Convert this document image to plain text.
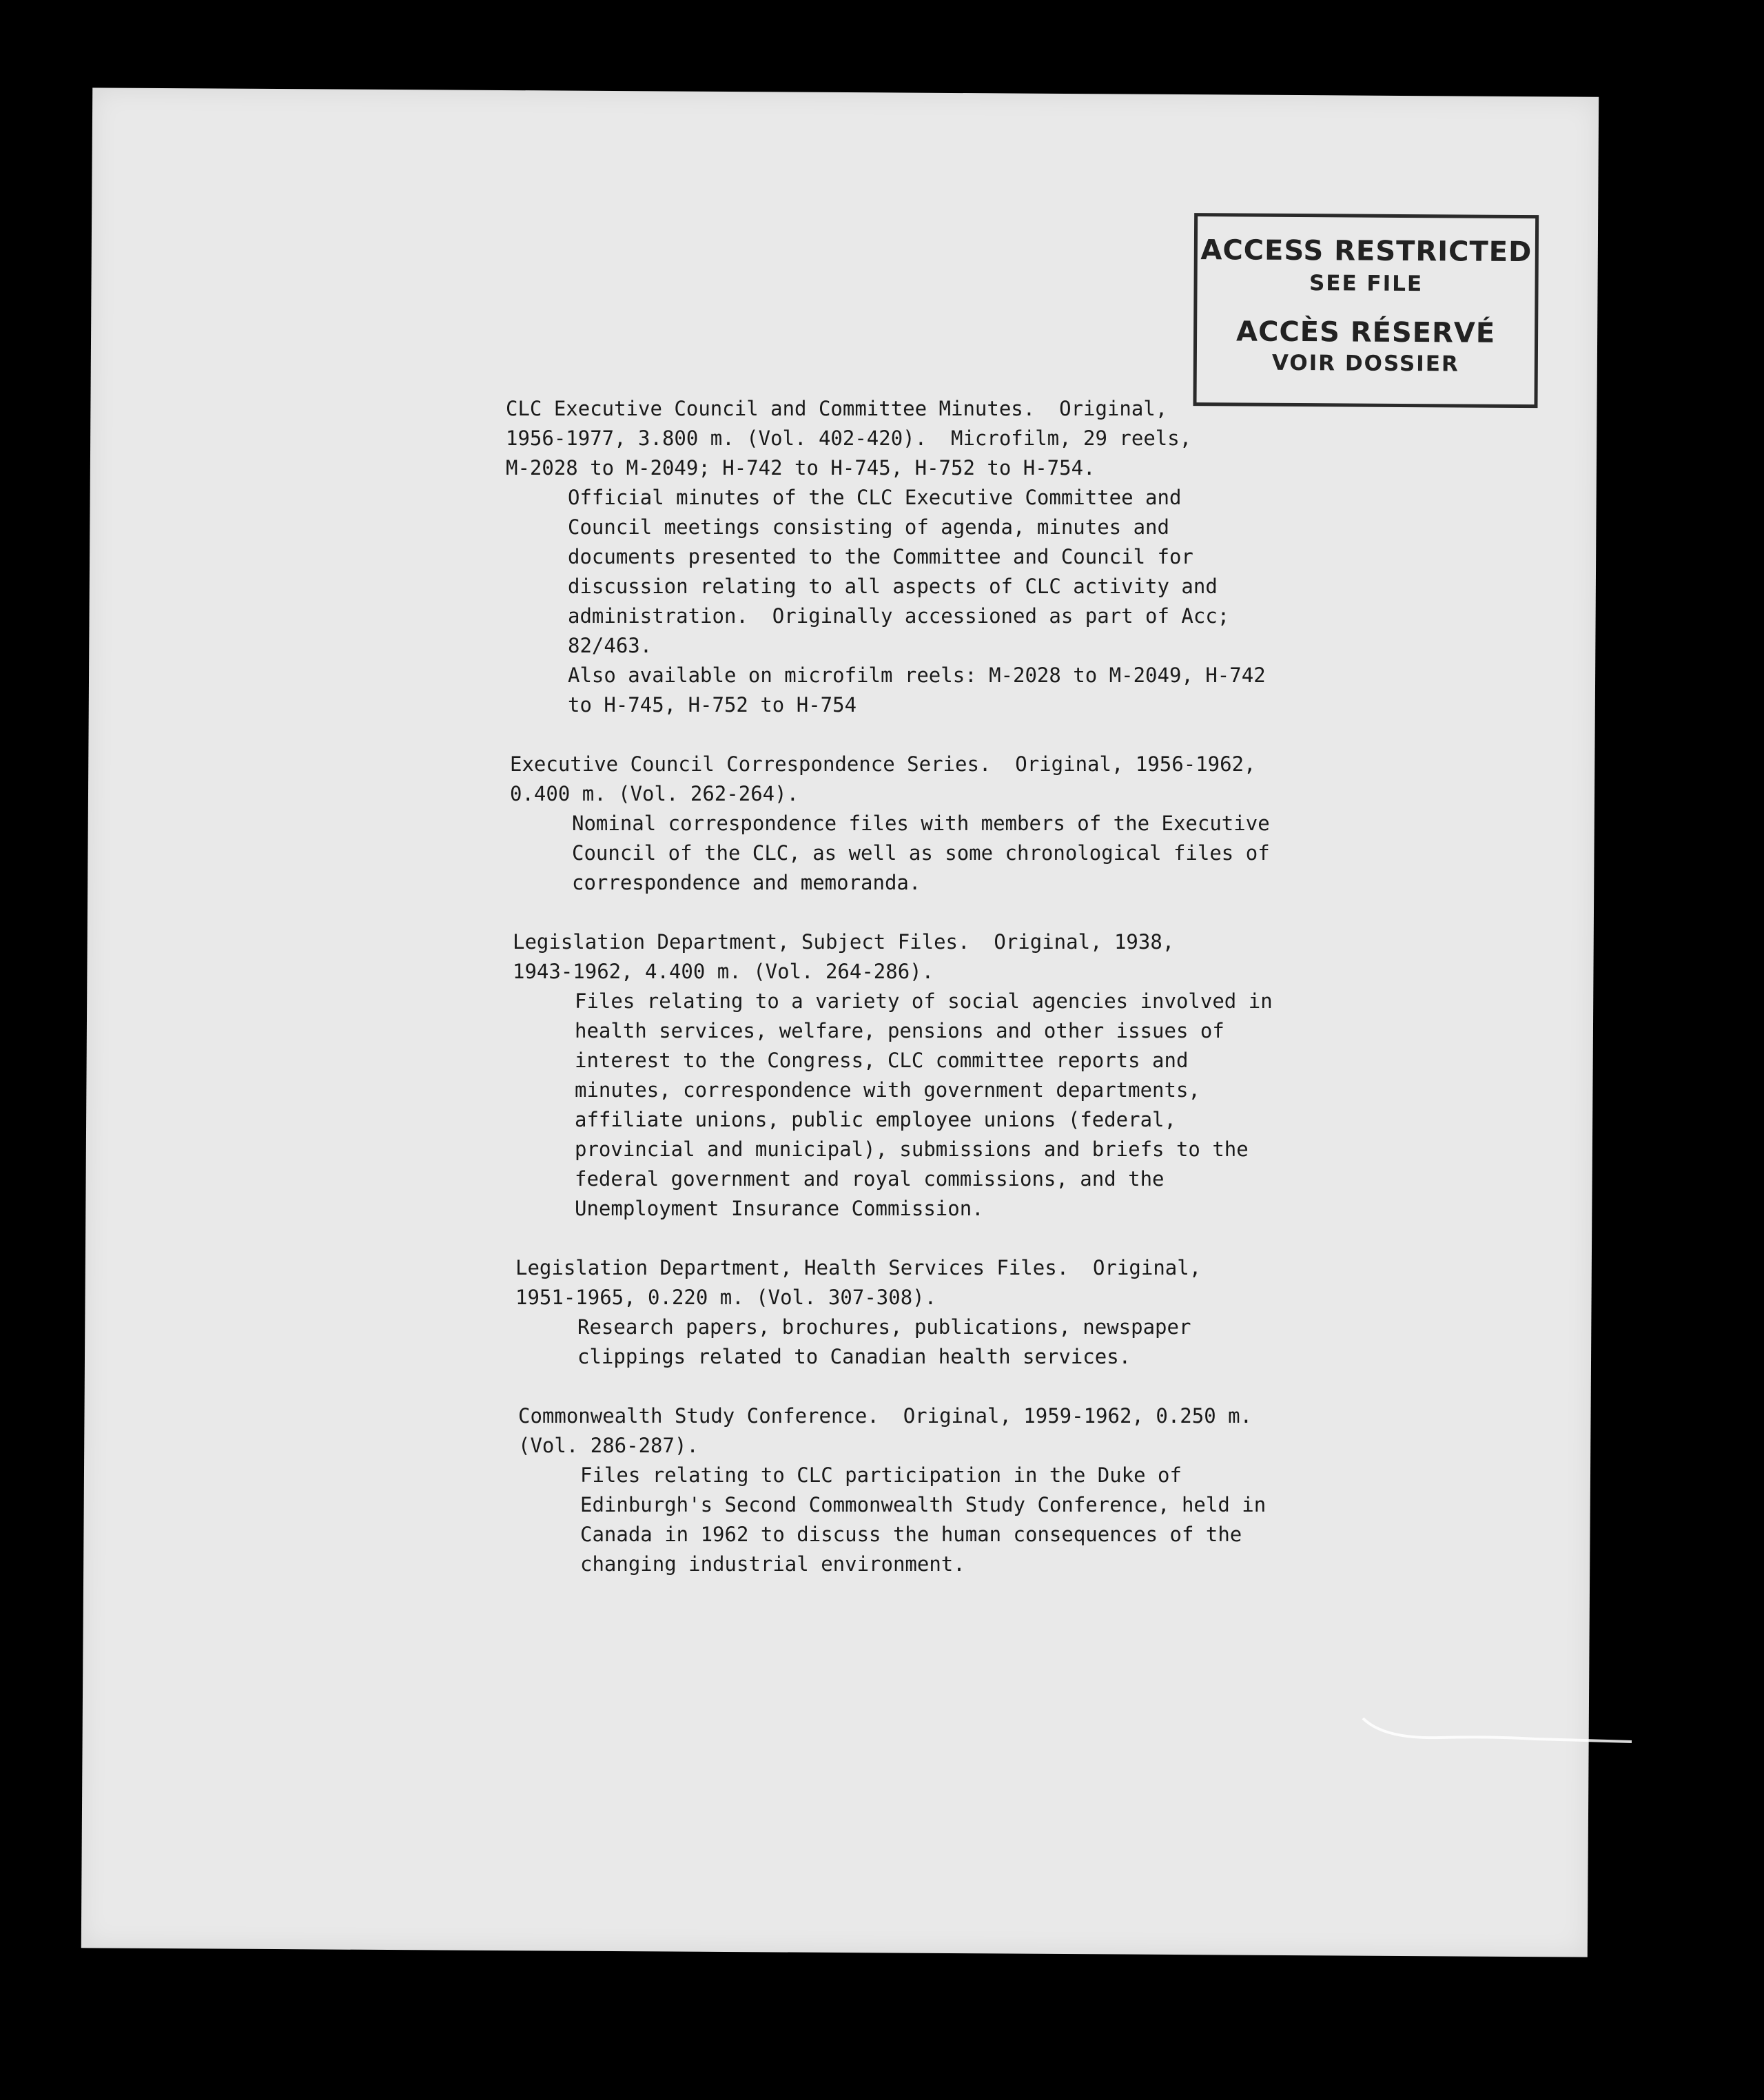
ACCESS RESTRICTED
SEE FILE
ACCÈS RÉSERVÉ
VOIR DOSSIER

CLC Executive Council and Committee Minutes.  Original,

1956-1977, 3.800 m. (Vol. 402-420).  Microfilm, 29 reels,

M-2028 to M-2049; H-742 to H-745, H-752 to H-754.

Official minutes of the CLC Executive Committee and

Council meetings consisting of agenda, minutes and

documents presented to the Committee and Council for

discussion relating to all aspects of CLC activity and

administration.  Originally accessioned as part of Acc;

82/463.

Also available on microfilm reels: M-2028 to M-2049, H-742

to H-745, H-752 to H-754

Executive Council Correspondence Series.  Original, 1956-1962,

0.400 m. (Vol. 262-264).

Nominal correspondence files with members of the Executive

Council of the CLC, as well as some chronological files of

correspondence and memoranda.

Legislation Department, Subject Files.  Original, 1938,

1943-1962, 4.400 m. (Vol. 264-286).

Files relating to a variety of social agencies involved in

health services, welfare, pensions and other issues of

interest to the Congress, CLC committee reports and

minutes, correspondence with government departments,

affiliate unions, public employee unions (federal,

provincial and municipal), submissions and briefs to the

federal government and royal commissions, and the

Unemployment Insurance Commission.

Legislation Department, Health Services Files.  Original,

1951-1965, 0.220 m. (Vol. 307-308).

Research papers, brochures, publications, newspaper

clippings related to Canadian health services.

Commonwealth Study Conference.  Original, 1959-1962, 0.250 m.

(Vol. 286-287).

Files relating to CLC participation in the Duke of

Edinburgh's Second Commonwealth Study Conference, held in

Canada in 1962 to discuss the human consequences of the

changing industrial environment.
